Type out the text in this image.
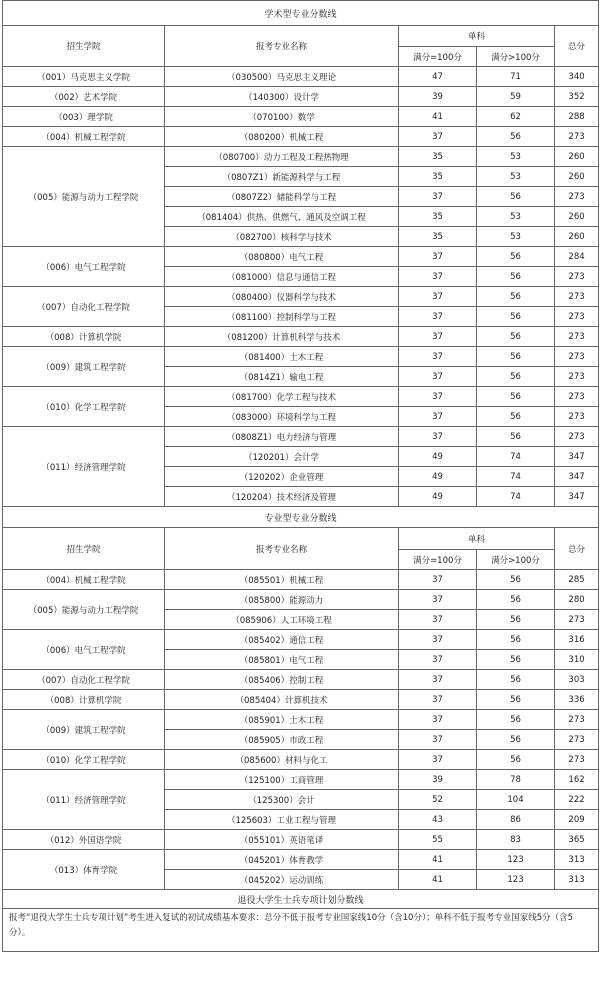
学术型专业分数线				
招生学院	报考专业名称	单科		总分
		满分=100分	满分>100分	
（001）马克思主义学院	（030500）马克思主义理论	47	71	340
（002）艺术学院	（140300）设计学	39	59	352
（003）理学院	（070100）数学	41	62	288
（004）机械工程学院	（080200）机械工程	37	56	273
（005）能源与动力工程学院	（080700）动力工程及工程热物理	35	53	260
	（0807Z1）新能源科学与工程	35	53	260
	（0807Z2）储能科学与工程	37	56	273
	（081404）供热、供燃气、通风及空调工程	35	53	260
	（082700）核科学与技术	35	53	260
（006）电气工程学院	（080800）电气工程	37	56	284
	（081000）信息与通信工程	37	56	273
（007）自动化工程学院	（080400）仪器科学与技术	37	56	273
	（081100）控制科学与工程	37	56	273
（008）计算机学院	（081200）计算机科学与技术	37	56	273
（009）建筑工程学院	（081400）土木工程	37	56	273
	（0814Z1）输电工程	37	56	273
（010）化学工程学院	（081700）化学工程与技术	37	56	273
	（083000）环境科学与工程	37	56	273
（011）经济管理学院	（0808Z1）电力经济与管理	37	56	273
	（120201）会计学	49	74	347
	（120202）企业管理	49	74	347
	（120204）技术经济及管理	49	74	347
专业型专业分数线				
招生学院	报考专业名称	单科		总分
		满分=100分	满分>100分	
（004）机械工程学院	（085501）机械工程	37	56	285
（005）能源与动力工程学院	（085800）能源动力	37	56	280
	（085906）人工环境工程	37	56	273
（006）电气工程学院	（085402）通信工程	37	56	316
	（085801）电气工程	37	56	310
（007）自动化工程学院	（085406）控制工程	37	56	303
（008）计算机学院	（085404）计算机技术	37	56	336
（009）建筑工程学院	（085901）土木工程	37	56	273
	（085905）市政工程	37	56	273
（010）化学工程学院	（085600）材料与化工	37	56	273
（011）经济管理学院	（125100）工商管理	39	78	162
	（125300）会计	52	104	222
	（125603）工业工程与管理	43	86	209
（012）外国语学院	（055101）英语笔译	55	83	365
（013）体育学院	（045201）体育教学	41	123	313
	（045202）运动训练	41	123	313
退役大学生士兵专项计划分数线				
报考“退役大学生士兵专项计划”考生进入复试的初试成绩基本要求：总分不低于报考专业国家线10分（含10分）；单科不低于报考专业国家线5分（含5分）。				
